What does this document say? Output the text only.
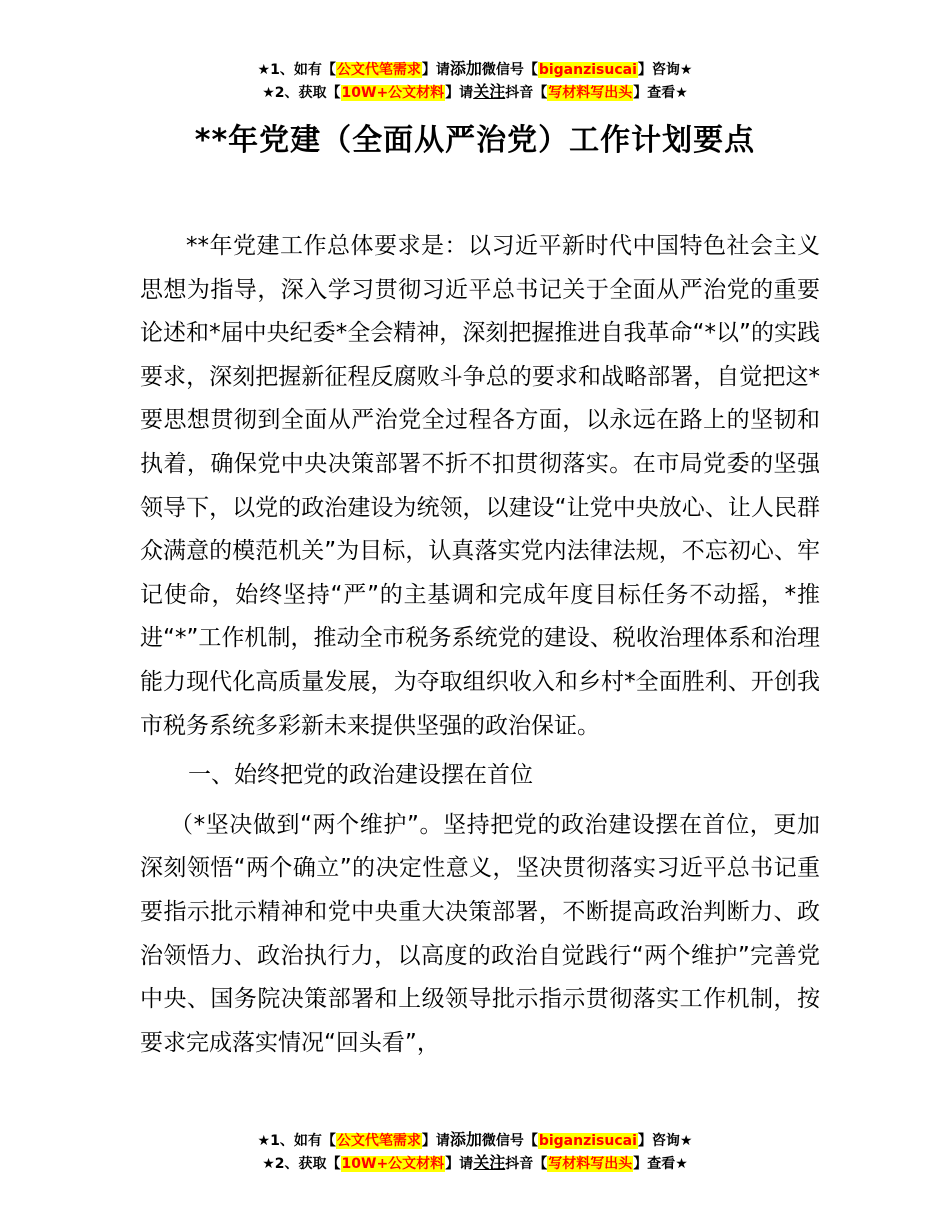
★1、如有【公文代笔需求】请添加微信号【biganzisucai】咨询★
★2、获取【10W+公文材料】请关注抖音【写材料写出头】查看★
**年党建（全面从严治党）工作计划要点

**年党建工作总体要求是：以习近平新时代中国特色社会主义思想为指导，深入学习贯彻习近平总书记关于全面从严治党的重要论述和*届中央纪委*全会精神，深刻把握推进自我革命“*以”的实践要求，深刻把握新征程反腐败斗争总的要求和战略部署，自觉把这*要思想贯彻到全面从严治党全过程各方面，以永远在路上的坚韧和执着，确保党中央决策部署不折不扣贯彻落实。在市局党委的坚强领导下，以党的政治建设为统领，以建设“让党中央放心、让人民群众满意的模范机关”为目标，认真落实党内法律法规，不忘初心、牢记使命，始终坚持“严”的主基调和完成年度目标任务不动摇，*推进“*”工作机制，推动全市税务系统党的建设、税收治理体系和治理能力现代化高质量发展，为夺取组织收入和乡村*全面胜利、开创我市税务系统多彩新未来提供坚强的政治保证。

一、始终把党的政治建设摆在首位

（*坚决做到“两个维护”。坚持把党的政治建设摆在首位，更加深刻领悟“两个确立”的决定性意义，坚决贯彻落实习近平总书记重要指示批示精神和党中央重大决策部署，不断提高政治判断力、政治领悟力、政治执行力，以高度的政治自觉践行“两个维护”完善党中央、国务院决策部署和上级领导批示指示贯彻落实工作机制，按要求完成落实情况“回头看”，

★1、如有【公文代笔需求】请添加微信号【biganzisucai】咨询★
★2、获取【10W+公文材料】请关注抖音【写材料写出头】查看★
